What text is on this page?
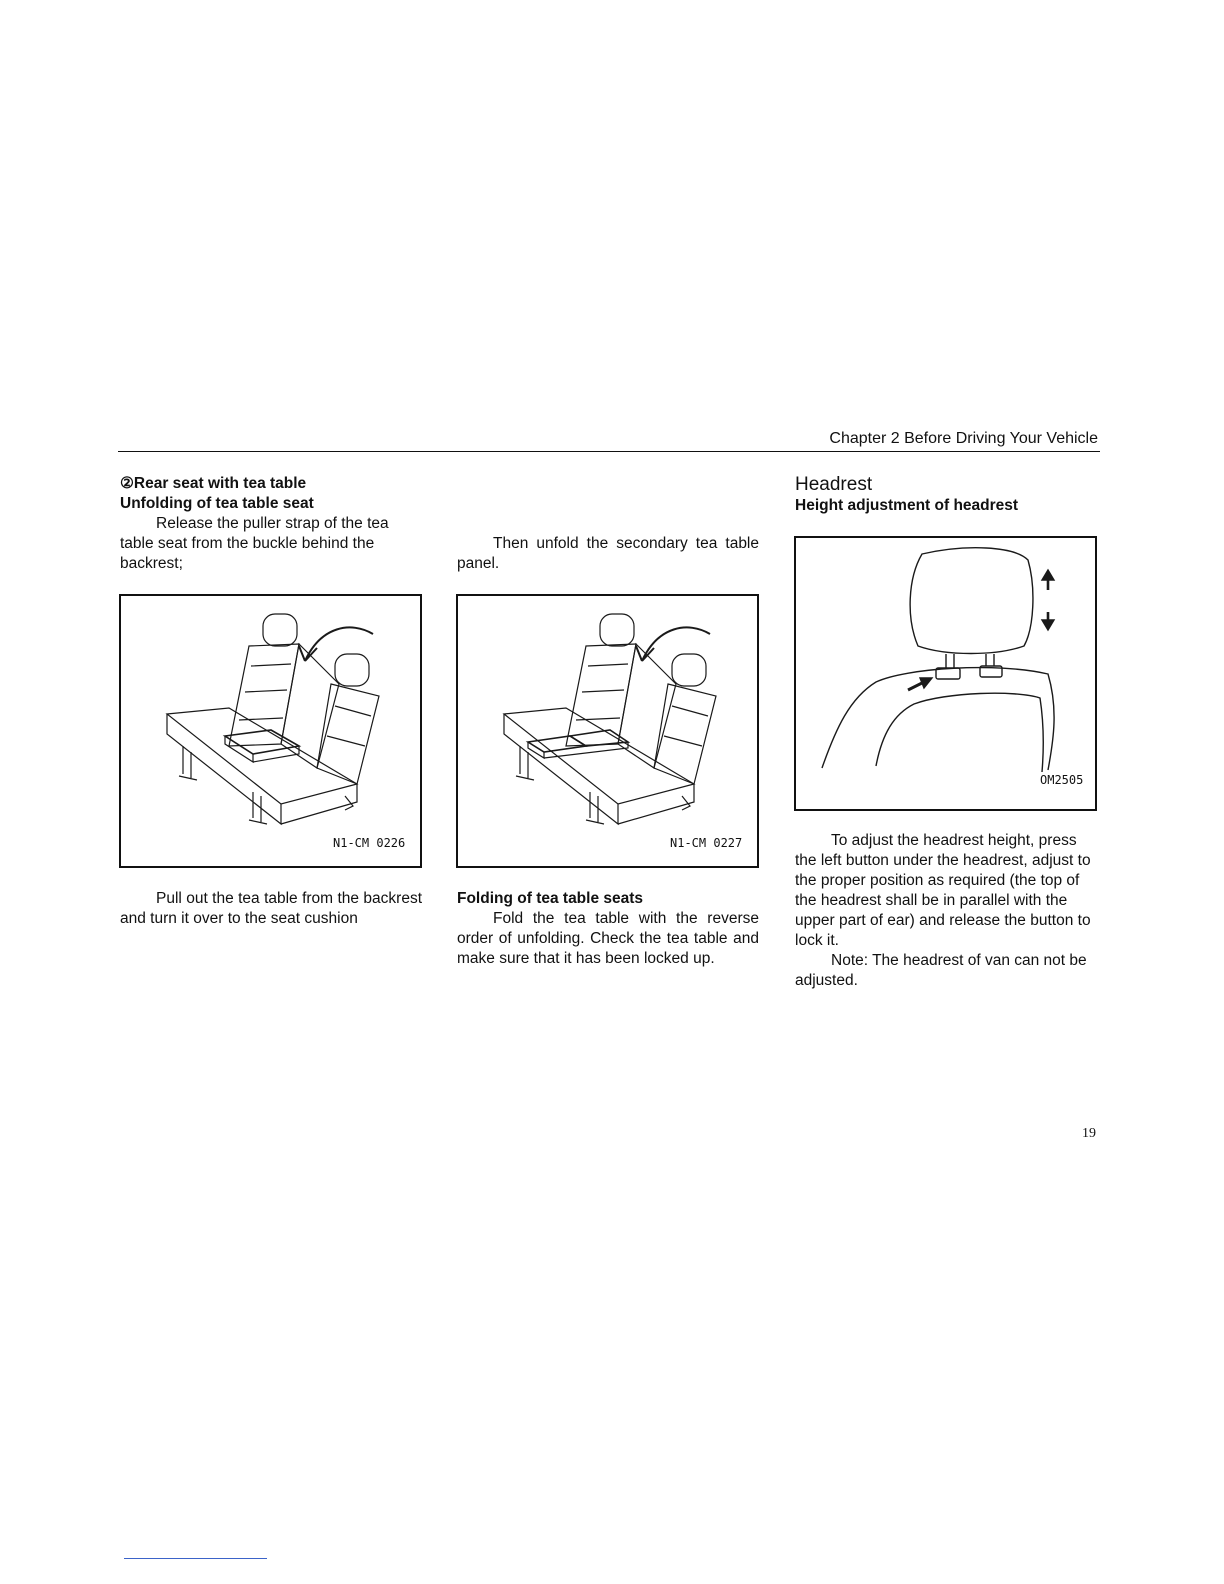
Chapter 2 Before Driving Your Vehicle
②Rear seat with tea table
Unfolding of tea table seat
Release the puller strap of the tea table seat from the buckle behind the backrest;
N1-CM 0226
Pull out the tea table from the backrest and turn it over to the seat cushion
Then unfold the secondary tea table panel.
N1-CM 0227
Folding of tea table seats
Fold the tea table with the reverse order of unfolding. Check the tea table and make sure that it has been locked up.
Headrest
Height adjustment of headrest
OM2505
To adjust the headrest height, press the left button under the headrest, adjust to the proper position as required (the top of the headrest shall be in parallel with the upper part of ear) and release the button to lock it.
Note: The headrest of van can not be adjusted.
19
